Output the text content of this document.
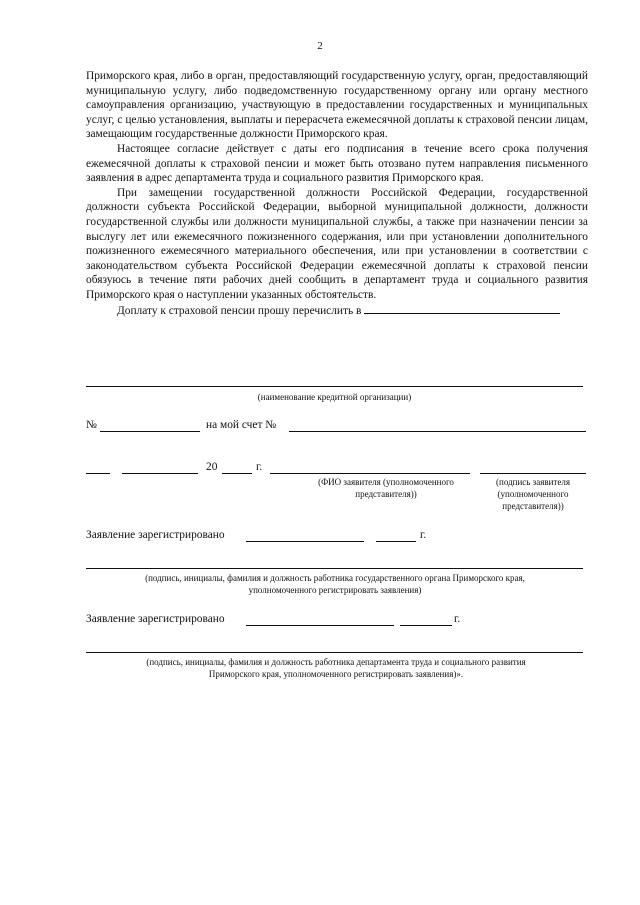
2

Приморского края, либо в орган, предоставляющий государственную услугу, орган, предоставляющий муниципальную услугу, либо подведомственную государственному органу или органу местного самоуправления организацию, участвующую в предоставлении государственных и муниципальных услуг, с целью установления, выплаты и перерасчета ежемесячной доплаты к страховой пенсии лицам, замещающим государственные должности Приморского края.

Настоящее согласие действует с даты его подписания в течение всего срока получения ежемесячной доплаты к страховой пенсии и может быть отозвано путем направления письменного заявления в адрес департамента труда и социального развития Приморского края.

При замещении государственной должности Российской Федерации, государственной должности субъекта Российской Федерации, выборной муниципальной должности, должности государственной службы или должности муниципальной службы, а также при назначении пенсии за выслугу лет или ежемесячного пожизненного содержания, или при установлении дополнительного пожизненного ежемесячного материального обеспечения, или при установлении в соответствии с законодательством субъекта Российской Федерации ежемесячной доплаты к страховой пенсии обязуюсь в течение пяти рабочих дней сообщить в департамент труда и социального развития Приморского края о наступлении указанных обстоятельств.

Доплату к страховой пенсии прошу перечислить в

(наименование кредитной организации)
№	на мой счет №
20	г.
(ФИО заявителя (уполномоченного представителя))
(подпись заявителя (уполномоченного представителя))
Заявление зарегистрировано	г.
(подпись, инициалы, фамилия и должность работника государственного органа Приморского края, уполномоченного регистрировать заявления)
Заявление зарегистрировано	г.
(подпись, инициалы, фамилия и должность работника департамента труда и социального развития Приморского края, уполномоченного регистрировать заявления)».
